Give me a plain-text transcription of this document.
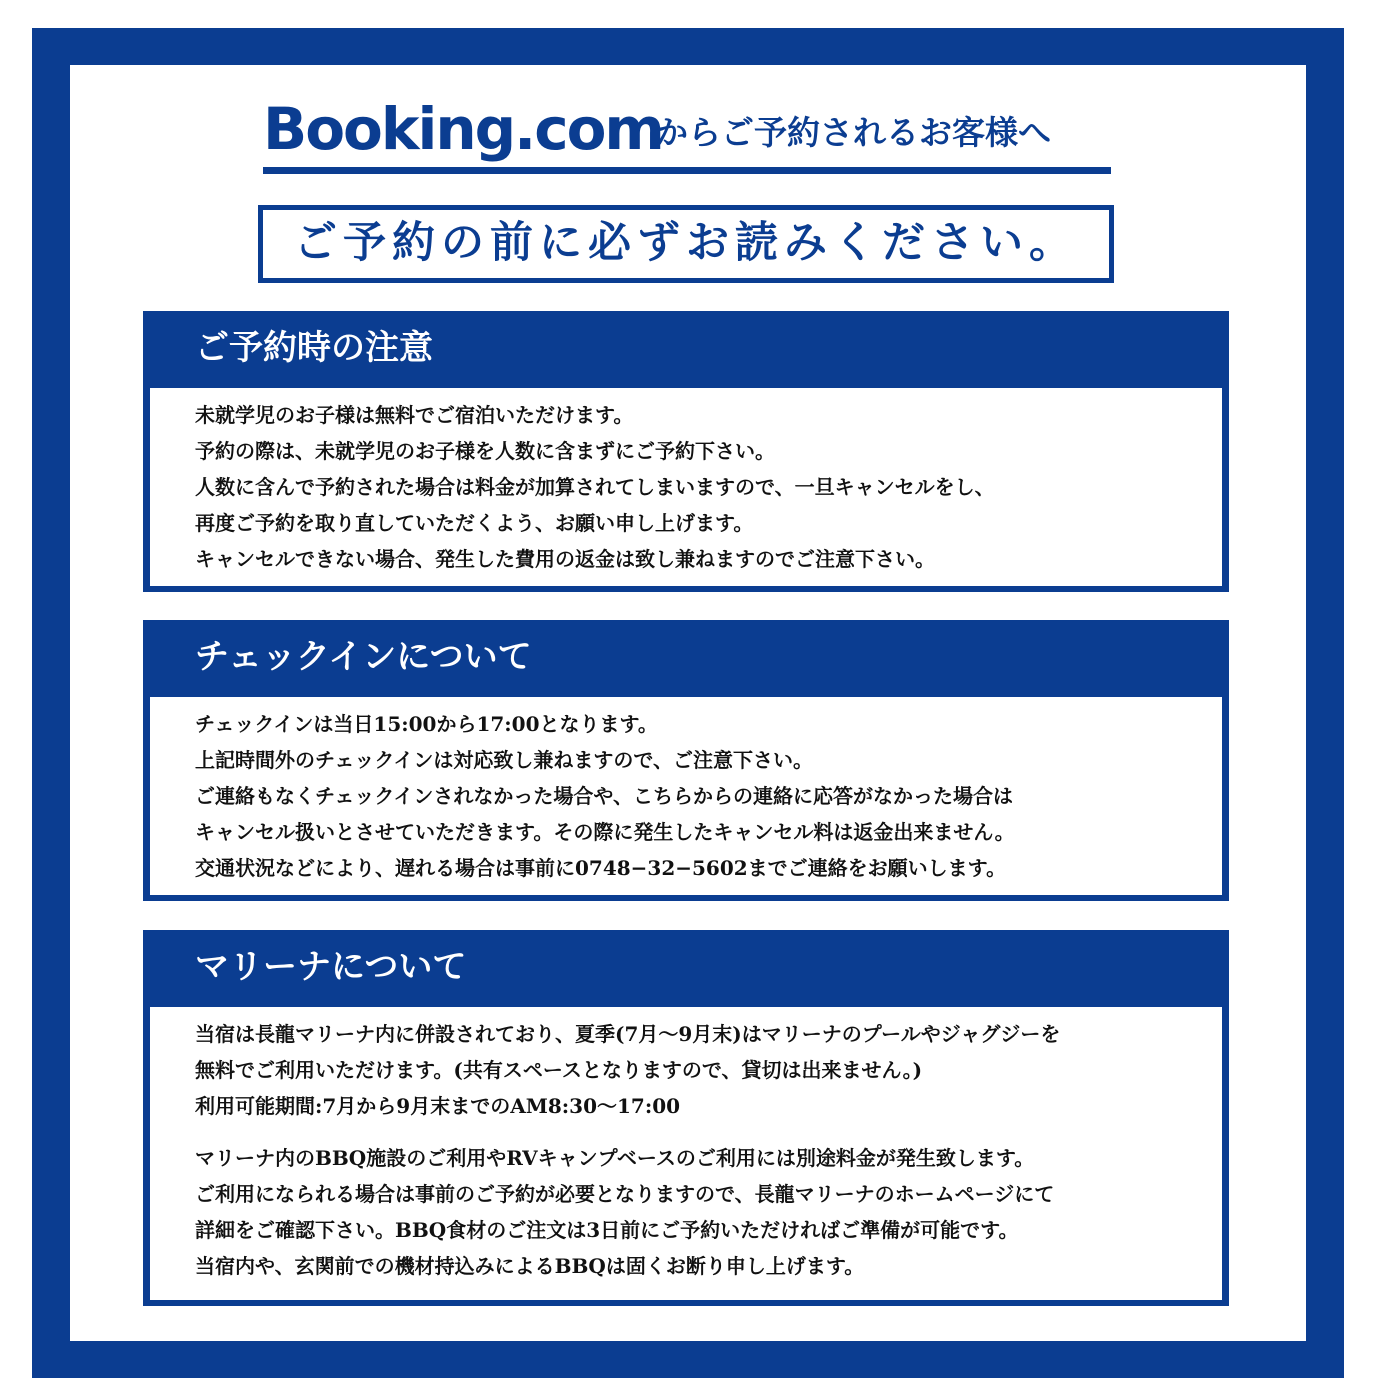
Booking.com
からご予約されるお客様へ
ご予約の前に必ずお読みください。
ご予約時の注意
未就学児のお子様は無料でご宿泊いただけます。
予約の際は、未就学児のお子様を人数に含まずにご予約下さい。
人数に含んで予約された場合は料金が加算されてしまいますので、一旦キャンセルをし、
再度ご予約を取り直していただくよう、お願い申し上げます。
キャンセルできない場合、発生した費用の返金は致し兼ねますのでご注意下さい。
チェックインについて
チェックインは当日15:00から17:00となります。
上記時間外のチェックインは対応致し兼ねますので、ご注意下さい。
ご連絡もなくチェックインされなかった場合や、こちらからの連絡に応答がなかった場合は
キャンセル扱いとさせていただきます。その際に発生したキャンセル料は返金出来ません。
交通状況などにより、遅れる場合は事前に0748−32−5602までご連絡をお願いします。
マリーナについて
当宿は長龍マリーナ内に併設されており、夏季(7月～9月末)はマリーナのプールやジャグジーを
無料でご利用いただけます。(共有スペースとなりますので、貸切は出来ません。)
利用可能期間:7月から9月末までのAM8:30～17:00
マリーナ内のBBQ施設のご利用やRVキャンプベースのご利用には別途料金が発生致します。
ご利用になられる場合は事前のご予約が必要となりますので、長龍マリーナのホームページにて
詳細をご確認下さい。BBQ食材のご注文は3日前にご予約いただければご準備が可能です。
当宿内や、玄関前での機材持込みによるBBQは固くお断り申し上げます。
